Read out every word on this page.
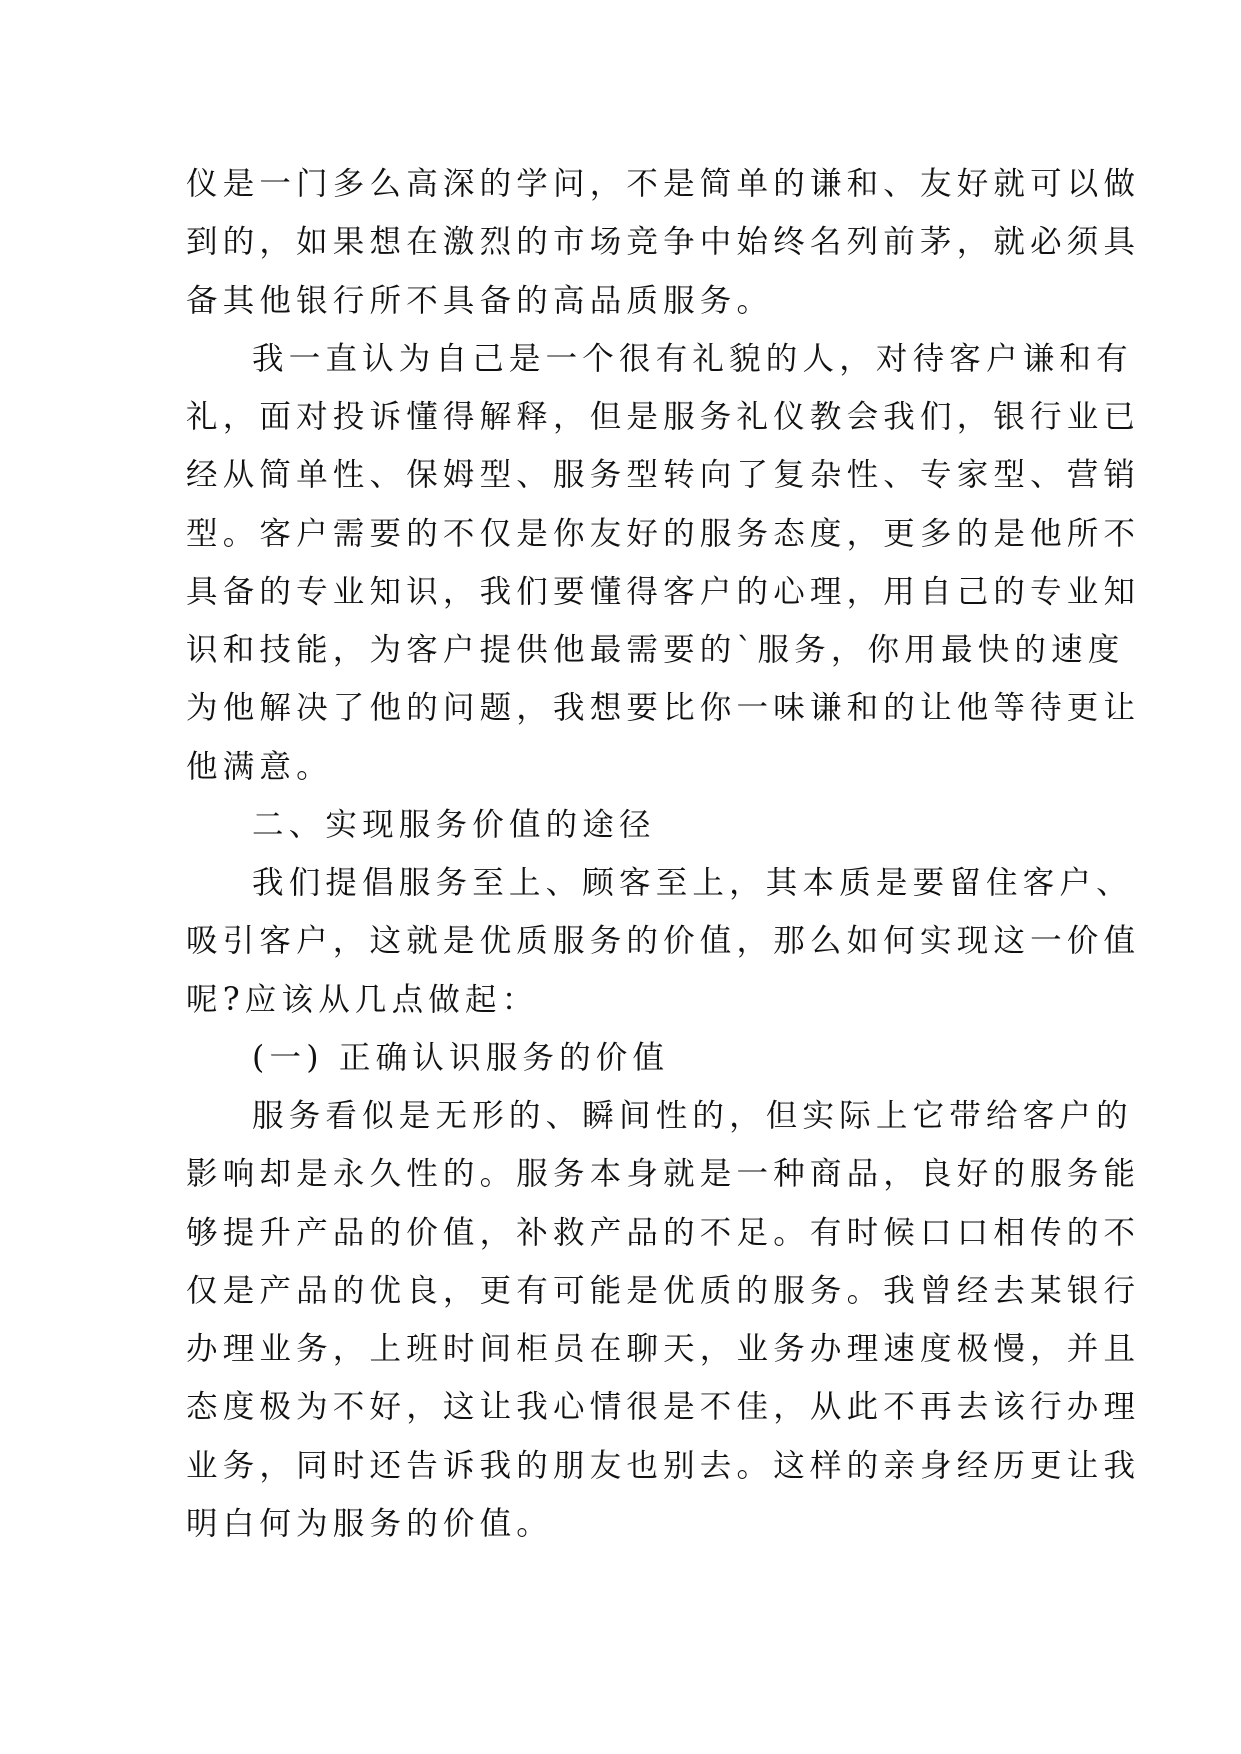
仪是一门多么高深的学问，不是简单的谦和、友好就可以做
到的，如果想在激烈的市场竞争中始终名列前茅，就必须具
备其他银行所不具备的高品质服务。
我一直认为自己是一个很有礼貌的人，对待客户谦和有
礼，面对投诉懂得解释，但是服务礼仪教会我们，银行业已
经从简单性、保姆型、服务型转向了复杂性、专家型、营销
型。客户需要的不仅是你友好的服务态度，更多的是他所不
具备的专业知识，我们要懂得客户的心理，用自己的专业知
识和技能，为客户提供他最需要的`服务，你用最快的速度
为他解决了他的问题，我想要比你一味谦和的让他等待更让
他满意。
二、实现服务价值的途径
我们提倡服务至上、顾客至上，其本质是要留住客户、
吸引客户，这就是优质服务的价值，那么如何实现这一价值
呢?应该从几点做起：
(一) 正确认识服务的价值
服务看似是无形的、瞬间性的，但实际上它带给客户的
影响却是永久性的。服务本身就是一种商品，良好的服务能
够提升产品的价值，补救产品的不足。有时候口口相传的不
仅是产品的优良，更有可能是优质的服务。我曾经去某银行
办理业务，上班时间柜员在聊天，业务办理速度极慢，并且
态度极为不好，这让我心情很是不佳，从此不再去该行办理
业务，同时还告诉我的朋友也别去。这样的亲身经历更让我
明白何为服务的价值。
